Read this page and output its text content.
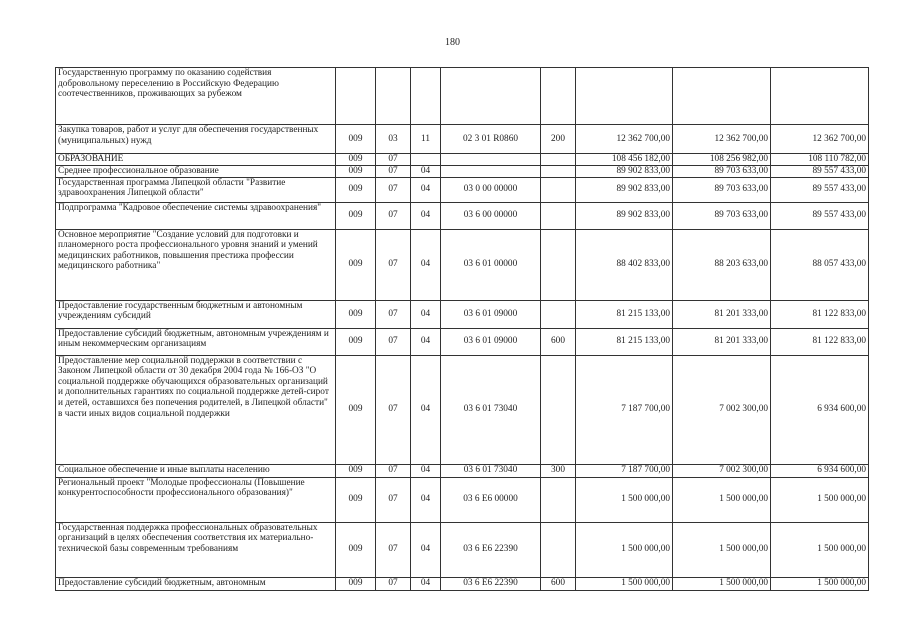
180
Государственную программу по оказанию содействия добровольному переселению в Российскую Федерацию соотечественников, проживающих за рубежом								
Закупка товаров, работ и услуг для обеспечения государственных (муниципальных) нужд	009	03	11	02 3 01 R0860	200	12 362 700,00	12 362 700,00	12 362 700,00
ОБРАЗОВАНИЕ	009	07				108 456 182,00	108 256 982,00	108 110 782,00
Среднее профессиональное образование	009	07	04			89 902 833,00	89 703 633,00	89 557 433,00
Государственная программа Липецкой области "Развитие здравоохранения Липецкой области"	009	07	04	03 0 00 00000		89 902 833,00	89 703 633,00	89 557 433,00
Подпрограмма "Кадровое обеспечение системы здравоохранения"	009	07	04	03 6 00 00000		89 902 833,00	89 703 633,00	89 557 433,00
Основное мероприятие "Создание условий для подготовки и планомерного роста профессионального уровня знаний и умений медицинских работников, повышения престижа профессии медицинского работника"	009	07	04	03 6 01 00000		88 402 833,00	88 203 633,00	88 057 433,00
Предоставление государственным бюджетным и автономным учреждениям субсидий	009	07	04	03 6 01 09000		81 215 133,00	81 201 333,00	81 122 833,00
Предоставление субсидий бюджетным, автономным учреждениям и иным некоммерческим организациям	009	07	04	03 6 01 09000	600	81 215 133,00	81 201 333,00	81 122 833,00
Предоставление мер социальной поддержки в соответствии с Законом Липецкой области от 30 декабря 2004 года № 166-ОЗ "О социальной поддержке обучающихся образовательных организаций и дополнительных гарантиях по социальной поддержке детей-сирот и детей, оставшихся без попечения родителей, в Липецкой области" в части иных видов социальной поддержки	009	07	04	03 6 01 73040		7 187 700,00	7 002 300,00	6 934 600,00
Социальное обеспечение и иные выплаты населению	009	07	04	03 6 01 73040	300	7 187 700,00	7 002 300,00	6 934 600,00
Региональный проект "Молодые профессионалы (Повышение конкурентоспособности профессионального образования)"	009	07	04	03 6 E6 00000		1 500 000,00	1 500 000,00	1 500 000,00
Государственная поддержка профессиональных образовательных организаций в целях обеспечения соответствия их материально-технической базы современным требованиям	009	07	04	03 6 E6 22390		1 500 000,00	1 500 000,00	1 500 000,00
Предоставление субсидий бюджетным, автономным	009	07	04	03 6 E6 22390	600	1 500 000,00	1 500 000,00	1 500 000,00
